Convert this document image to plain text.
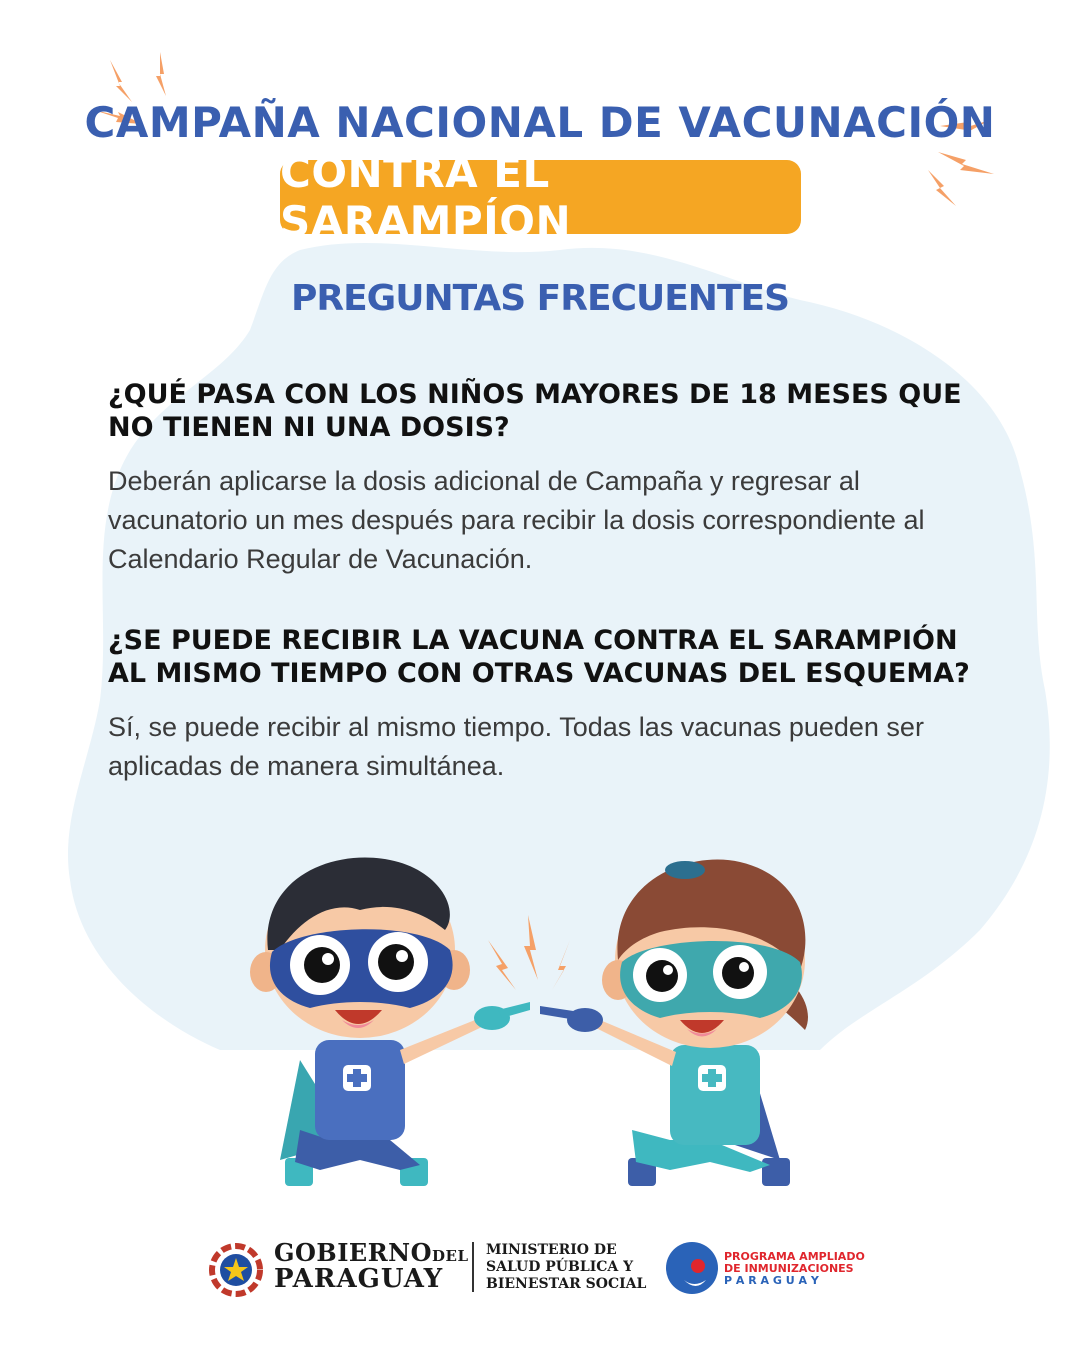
CAMPAÑA NACIONAL DE VACUNACIÓN
CONTRA EL SARAMPÍON
PREGUNTAS FRECUENTES

¿QUÉ PASA CON LOS NIÑOS MAYORES DE 18 MESES QUE NO TIENEN NI UNA DOSIS?

Deberán aplicarse la dosis adicional de Campaña y regresar al vacunatorio un mes después para recibir la dosis correspondiente al Calendario Regular de Vacunación.

¿SE PUEDE RECIBIR LA VACUNA CONTRA EL SARAMPIÓN AL MISMO TIEMPO CON OTRAS VACUNAS DEL ESQUEMA?

Sí, se puede recibir al mismo tiempo. Todas las vacunas pueden ser aplicadas de manera simultánea.

GOBIERNODEL
PARAGUAY

MINISTERIO DE

SALUD PÚBLICA Y

BIENESTAR SOCIAL

PROGRAMA AMPLIADO

DE INMUNIZACIONES

P A R A G U A Y
